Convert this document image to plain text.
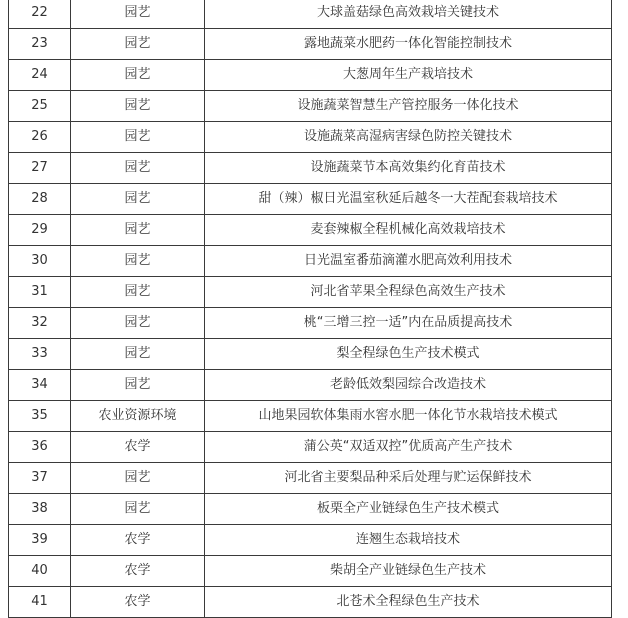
22	园艺	大球盖菇绿色高效栽培关键技术
23	园艺	露地蔬菜水肥药一体化智能控制技术
24	园艺	大葱周年生产栽培技术
25	园艺	设施蔬菜智慧生产管控服务一体化技术
26	园艺	设施蔬菜高湿病害绿色防控关键技术
27	园艺	设施蔬菜节本高效集约化育苗技术
28	园艺	甜（辣）椒日光温室秋延后越冬一大茬配套栽培技术
29	园艺	麦套辣椒全程机械化高效栽培技术
30	园艺	日光温室番茄滴灌水肥高效利用技术
31	园艺	河北省苹果全程绿色高效生产技术
32	园艺	桃“三增三控一适”内在品质提高技术
33	园艺	梨全程绿色生产技术模式
34	园艺	老龄低效梨园综合改造技术
35	农业资源环境	山地果园软体集雨水窖水肥一体化节水栽培技术模式
36	农学	蒲公英“双适双控”优质高产生产技术
37	园艺	河北省主要梨品种采后处理与贮运保鲜技术
38	园艺	板栗全产业链绿色生产技术模式
39	农学	连翘生态栽培技术
40	农学	柴胡全产业链绿色生产技术
41	农学	北苍术全程绿色生产技术
